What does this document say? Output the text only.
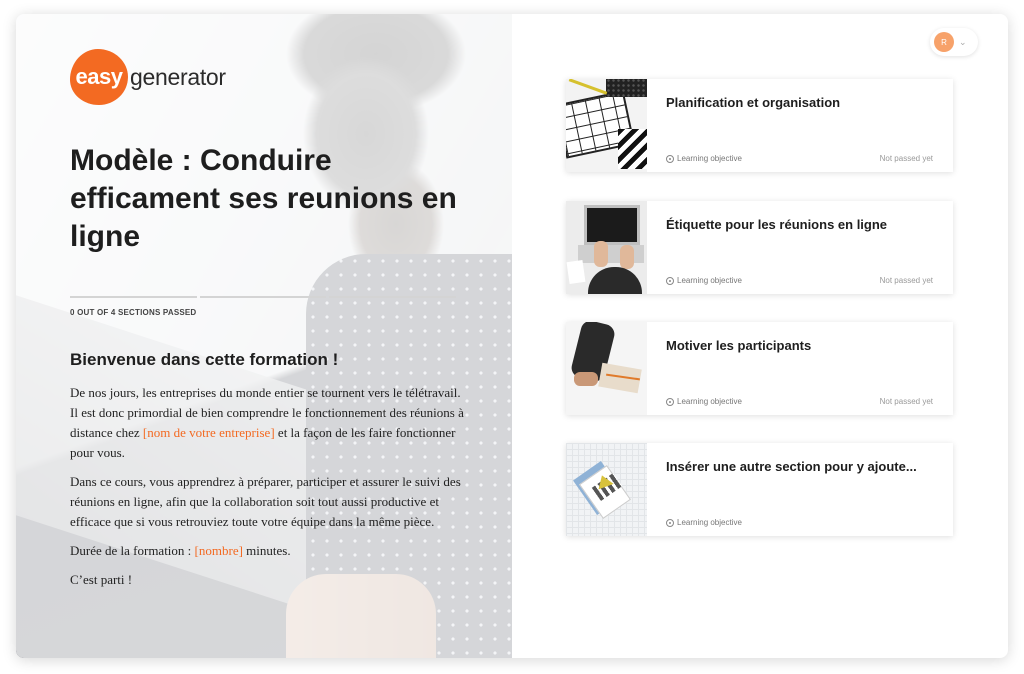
easy generator
Modèle : Conduire efficament ses reunions en ligne
0 OUT OF 4 SECTIONS PASSED
Bienvenue dans cette formation !

De nos jours, les entreprises du monde entier se tournent vers le télétravail. Il est donc primordial de bien comprendre le fonctionnement des réunions à distance chez [nom de votre entreprise] et la façon de les faire fonctionner pour vous.

Dans ce cours, vous apprendrez à préparer, participer et assurer le suivi des réunions en ligne, afin que la collaboration soit tout aussi productive et efficace que si vous retrouviez toute votre équipe dans la même pièce.

Durée de la formation : [nombre] minutes.

C’est parti !

R	⌄
Planification et organisation
Learning objective	Not passed yet
Étiquette pour les réunions en ligne
Learning objective	Not passed yet
Motiver les participants
Learning objective	Not passed yet
Insérer une autre section pour y ajoute...
Learning objective
